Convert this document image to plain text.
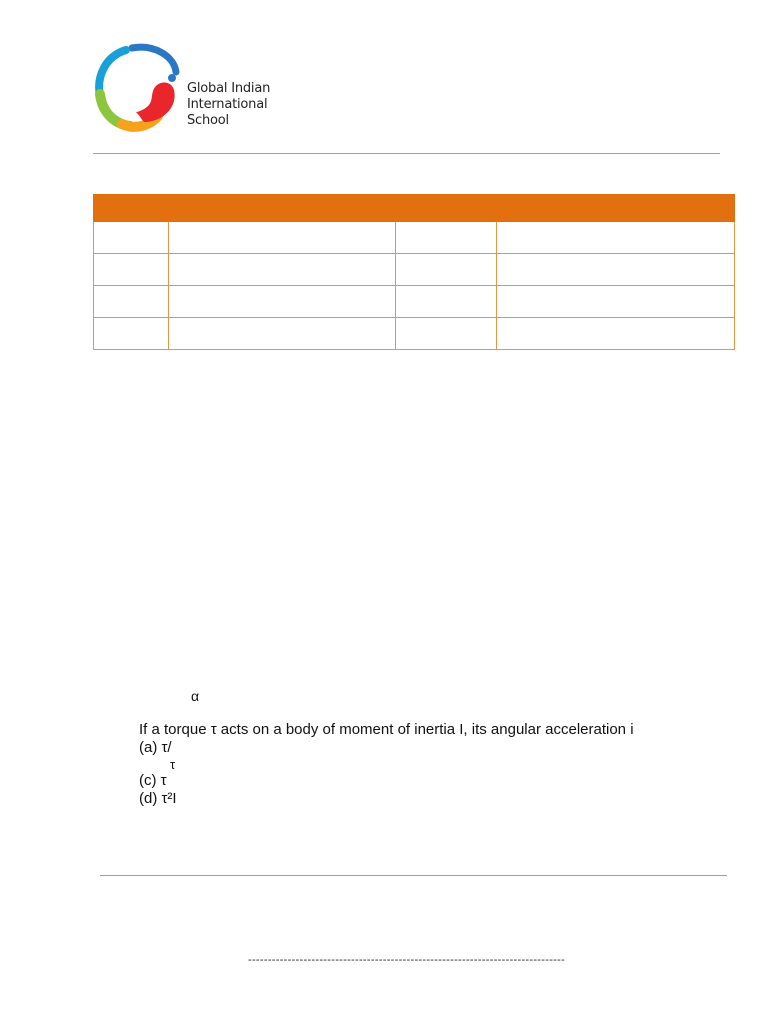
Global Indian
International
School

α
If a torque τ acts on a body of moment of inertia I, its angular acceleration i
(a) τ/
τ
(c) τ
(d) τ²I
--------------------------------------------------------------------------------
